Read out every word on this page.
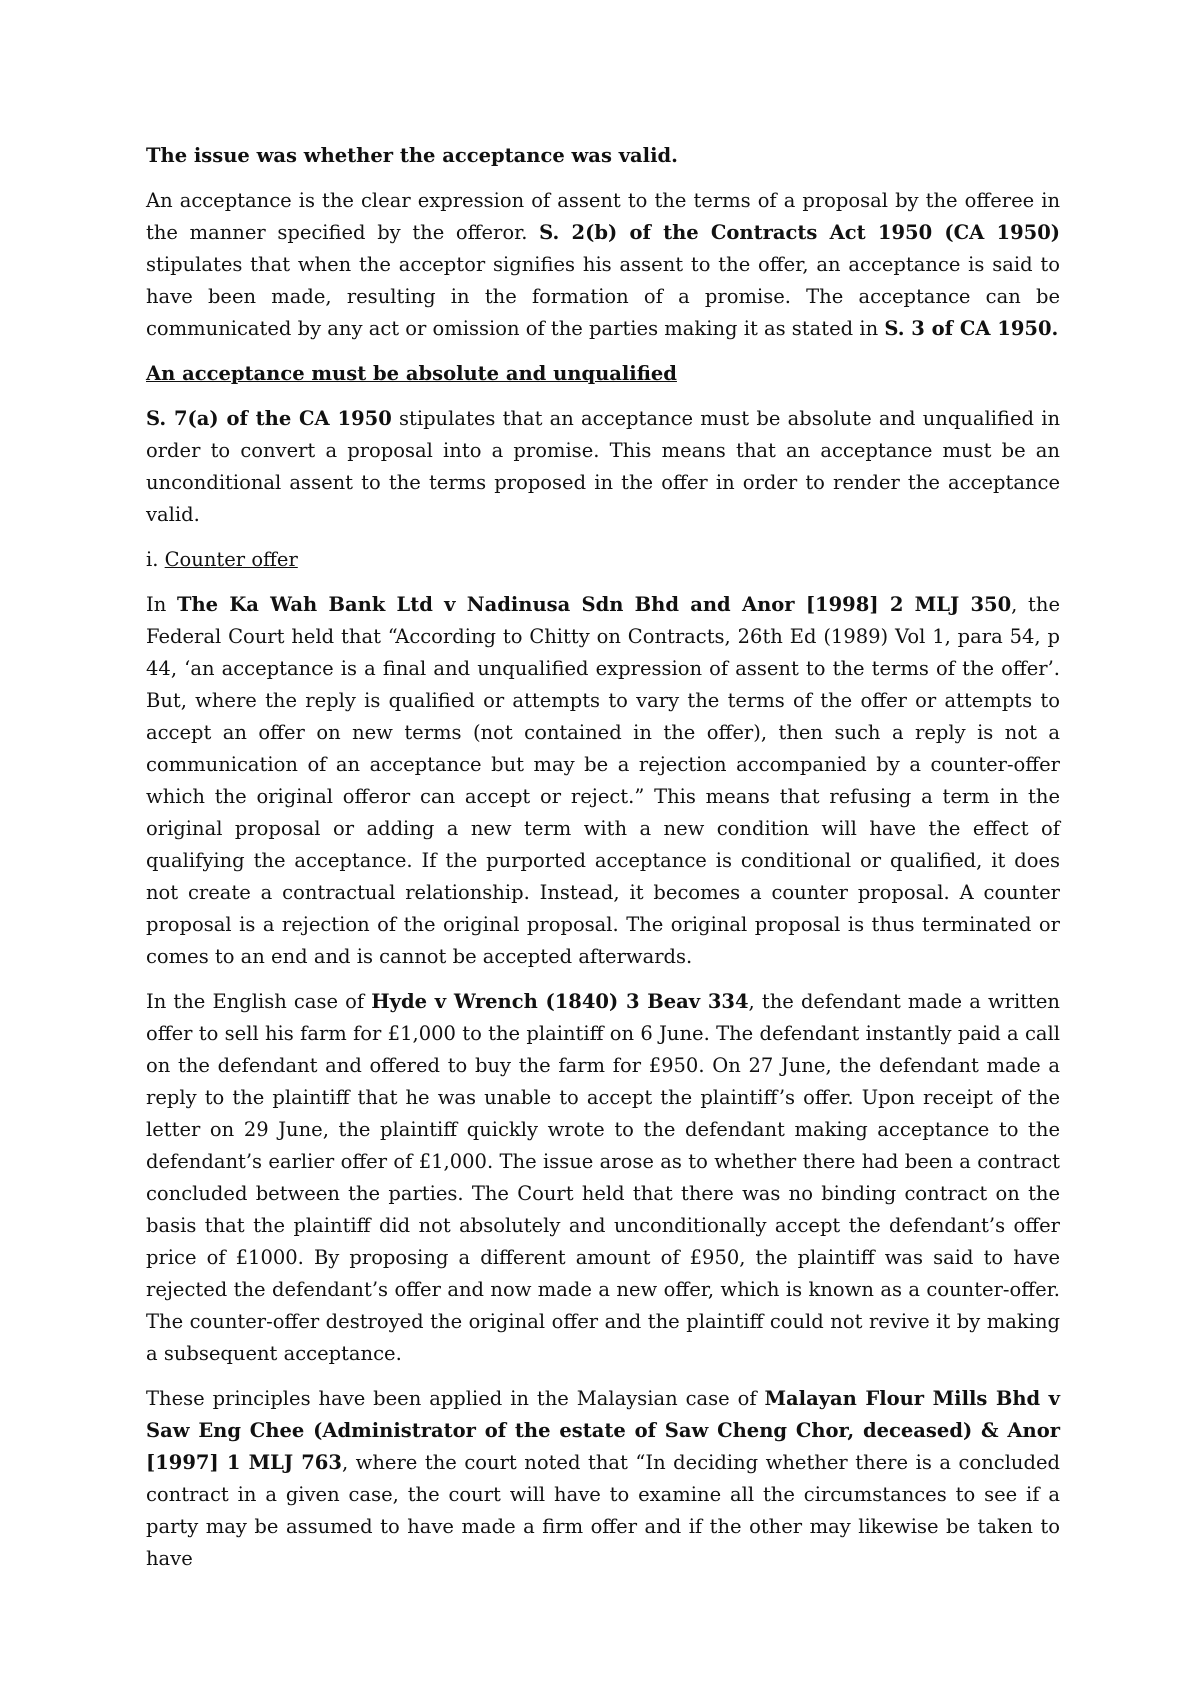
The issue was whether the acceptance was valid.

An acceptance is the clear expression of assent to the terms of a proposal by the offeree in the manner specified by the offeror. S. 2(b) of the Contracts Act 1950 (CA 1950) stipulates that when the acceptor signifies his assent to the offer, an acceptance is said to have been made, resulting in the formation of a promise. The acceptance can be communicated by any act or omission of the parties making it as stated in S. 3 of CA 1950.

An acceptance must be absolute and unqualified

S. 7(a) of the CA 1950 stipulates that an acceptance must be absolute and unqualified in order to convert a proposal into a promise. This means that an acceptance must be an unconditional assent to the terms proposed in the offer in order to render the acceptance valid.

i. Counter offer

In The Ka Wah Bank Ltd v Nadinusa Sdn Bhd and Anor [1998] 2 MLJ 350, the Federal Court held that “According to Chitty on Contracts, 26th Ed (1989) Vol 1, para 54, p 44, ‘an acceptance is a final and unqualified expression of assent to the terms of the offer’. But, where the reply is qualified or attempts to vary the terms of the offer or attempts to accept an offer on new terms (not contained in the offer), then such a reply is not a communication of an acceptance but may be a rejection accompanied by a counter-offer which the original offeror can accept or reject.” This means that refusing a term in the original proposal or adding a new term with a new condition will have the effect of qualifying the acceptance. If the purported acceptance is conditional or qualified, it does not create a contractual relationship. Instead, it becomes a counter proposal. A counter proposal is a rejection of the original proposal. The original proposal is thus terminated or comes to an end and is cannot be accepted afterwards.

In the English case of Hyde v Wrench (1840) 3 Beav 334, the defendant made a written offer to sell his farm for £1,000 to the plaintiff on 6 June. The defendant instantly paid a call on the defendant and offered to buy the farm for £950. On 27 June, the defendant made a reply to the plaintiff that he was unable to accept the plaintiff’s offer. Upon receipt of the letter on 29 June, the plaintiff quickly wrote to the defendant making acceptance to the defendant’s earlier offer of £1,000. The issue arose as to whether there had been a contract concluded between the parties. The Court held that there was no binding contract on the basis that the plaintiff did not absolutely and unconditionally accept the defendant’s offer price of £1000. By proposing a different amount of £950, the plaintiff was said to have rejected the defendant’s offer and now made a new offer, which is known as a counter-offer. The counter-offer destroyed the original offer and the plaintiff could not revive it by making a subsequent acceptance.

These principles have been applied in the Malaysian case of Malayan Flour Mills Bhd v Saw Eng Chee (Administrator of the estate of Saw Cheng Chor, deceased) & Anor [1997] 1 MLJ 763, where the court noted that “In deciding whether there is a concluded contract in a given case, the court will have to examine all the circumstances to see if a party may be assumed to have made a firm offer and if the other may likewise be taken to have
